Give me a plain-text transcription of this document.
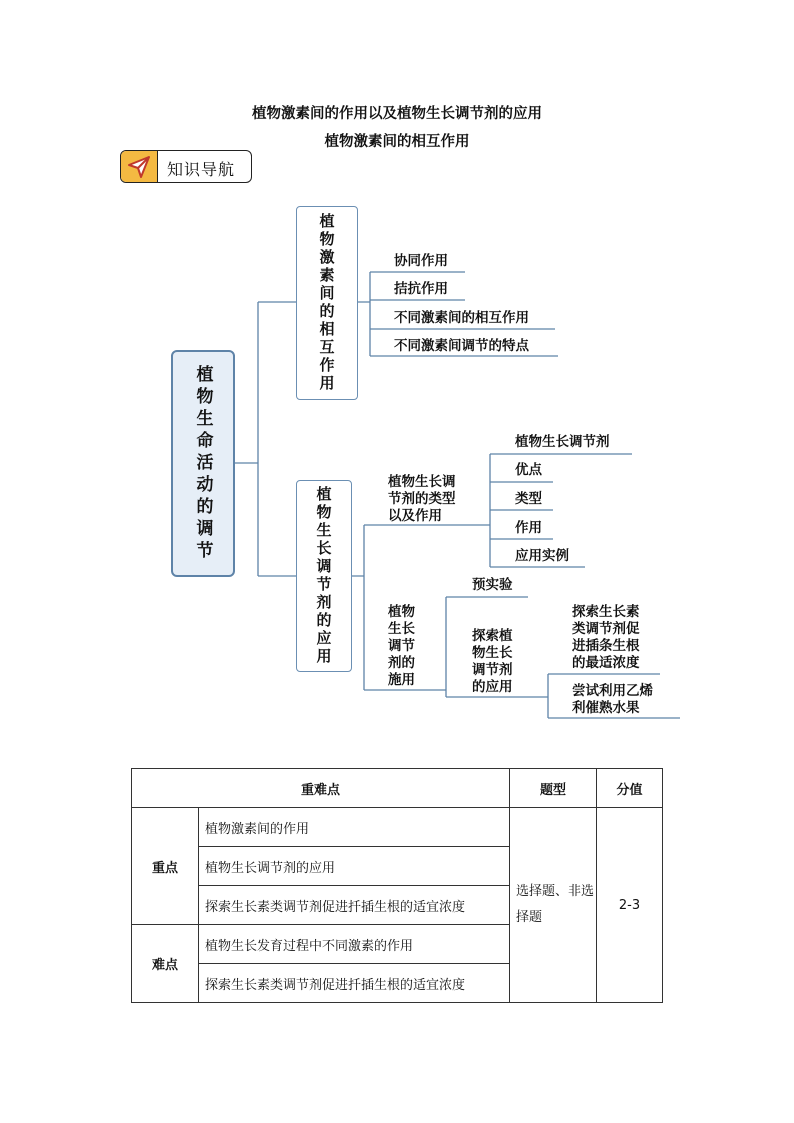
植物激素间的作用以及植物生长调节剂的应用
植物激素间的相互作用
知识导航
植物生命活动的调节
植物激素间的相互作用
植物生长调节剂的应用
协同作用
拮抗作用
不同激素间的相互作用
不同激素间调节的特点
植物生长调
节剂的类型
以及作用
植物生长调节剂
优点
类型
作用
应用实例
植物
生长
调节
剂的
施用
预实验
探索植
物生长
调节剂
的应用
探索生长素
类调节剂促
进插条生根
的最适浓度
尝试利用乙烯
利催熟水果
重难点		题型	分值
重点	植物激素间的作用	选择题、非选择题	2-3
	植物生长调节剂的应用		
	探索生长素类调节剂促进扦插生根的适宜浓度		
难点	植物生长发育过程中不同激素的作用		
	探索生长素类调节剂促进扦插生根的适宜浓度		
